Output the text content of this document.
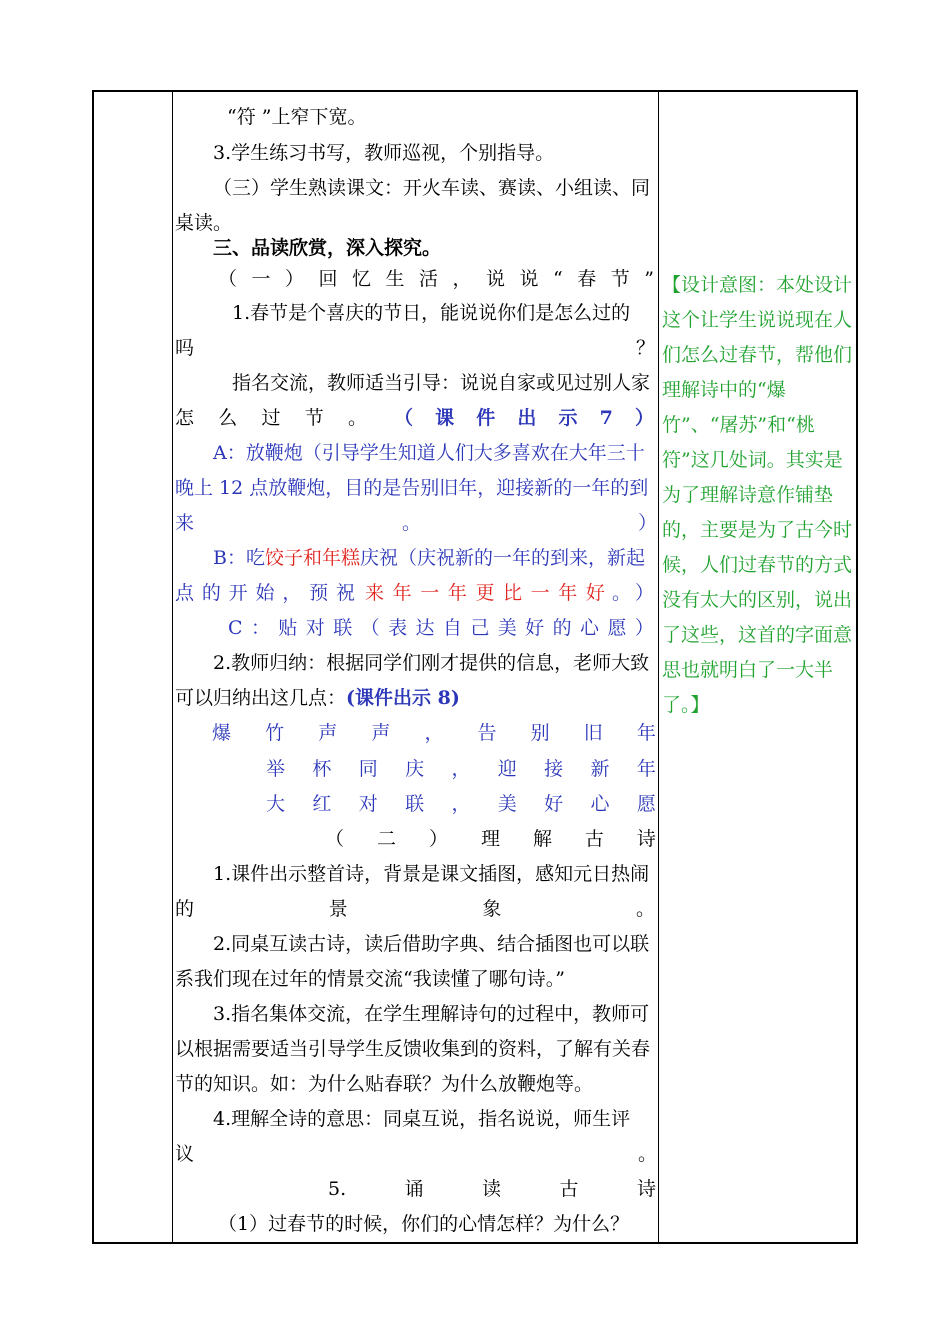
“符 ”上窄下宽。
3.学生练习书写，教师巡视，个别指导。
（三）学生熟读课文：开火车读、赛读、小组读、同
桌读。
三、品读欣赏，深入探究。
（ 一 ） 回 忆 生 活 ， 说 说 “ 春 节 ”
1.春节是个喜庆的节日，能说说你们是怎么过的
吗	？
指名交流，教师适当引导：说说自家或见过别人家
怎 么 过 节 。 （ 课 件 出 示 7 ）
A：放鞭炮（引导学生知道人们大多喜欢在大年三十
晚上 12 点放鞭炮，目的是告别旧年，迎接新的一年的到
来	。	）
B：吃饺子和年糕庆祝（庆祝新的一年的到来，新起
点 的 开 始 ， 预 祝 来 年 一 年 更 比 一 年 好 。 ）
C ： 贴 对 联 （ 表 达 自 己 美 好 的 心 愿 ）
2.教师归纳：根据同学们刚才提供的信息，老师大致
可以归纳出这几点：(课件出示 8)
爆 竹 声 声 ， 告 别 旧 年
举 杯 同 庆 ， 迎 接 新 年
大 红 对 联 ， 美 好 心 愿
（ 二 ） 理 解 古 诗
1.课件出示整首诗，背景是课文插图，感知元日热闹
的	景	象	。
2.同桌互读古诗，读后借助字典、结合插图也可以联
系我们现在过年的情景交流“我读懂了哪句诗。”
3.指名集体交流，在学生理解诗句的过程中，教师可
以根据需要适当引导学生反馈收集到的资料，了解有关春
节的知识。如：为什么贴春联？为什么放鞭炮等。
4.理解全诗的意思：同桌互说，指名说说，师生评
议	。
5.	诵	读	古	诗
（1）过春节的时候，你们的心情怎样？为什么？
【设计意图：本处设计
这个让学生说说现在人
们怎么过春节，帮他们
理解诗中的“爆
竹”、“屠苏”和“桃
符”这几处词。其实是
为了理解诗意作铺垫
的，主要是为了古今时
候，人们过春节的方式
没有太大的区别，说出
了这些，这首的字面意
思也就明白了一大半
了。】
